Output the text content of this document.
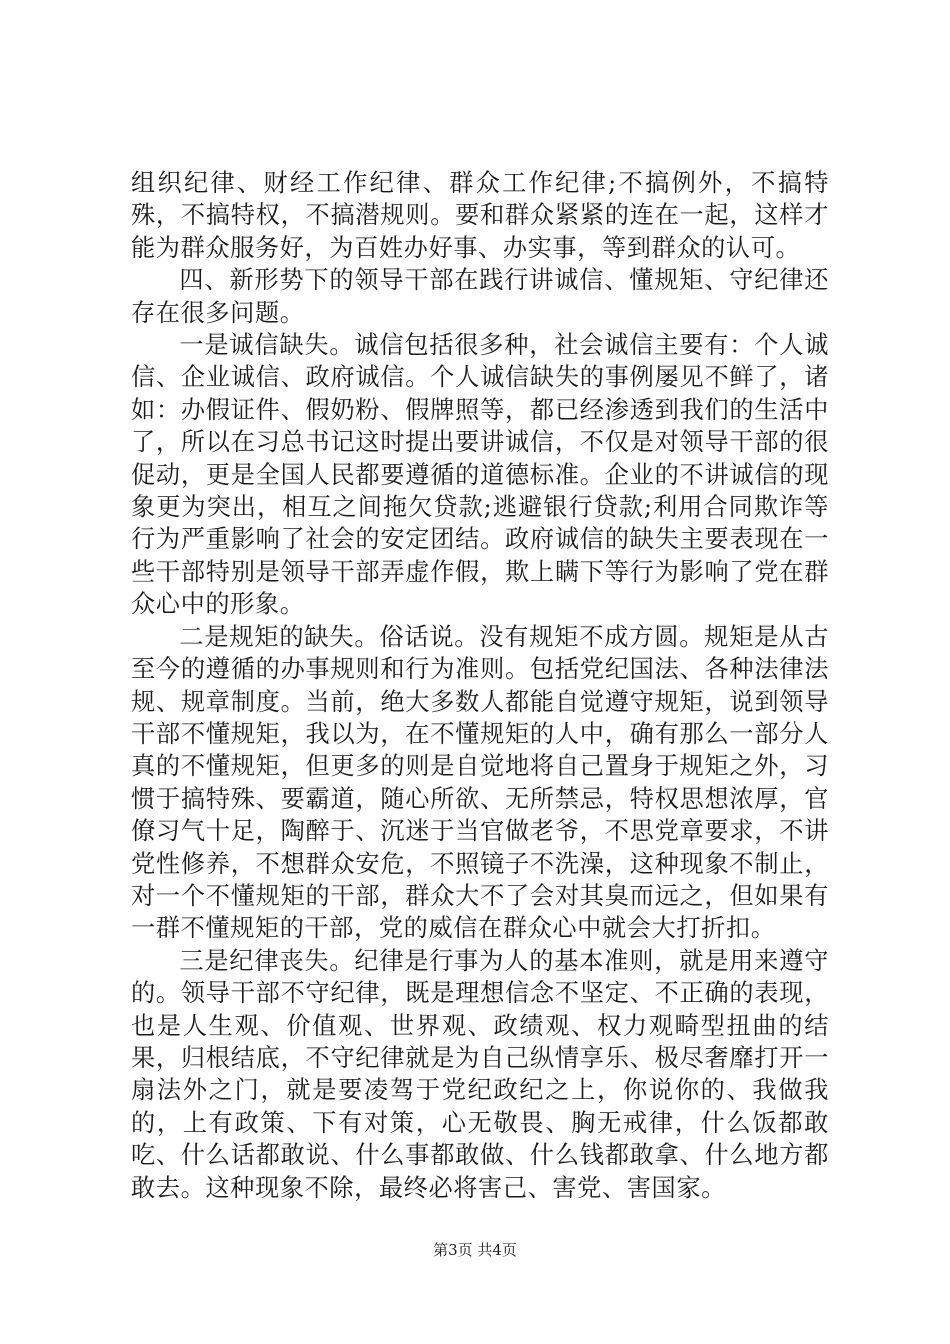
组织纪律、财经工作纪律、群众工作纪律;不搞例外，不搞特殊，不搞特权，不搞潜规则。要和群众紧紧的连在一起，这样才能为群众服务好，为百姓办好事、办实事，等到群众的认可。

四、新形势下的领导干部在践行讲诚信、懂规矩、守纪律还存在很多问题。

一是诚信缺失。诚信包括很多种，社会诚信主要有：个人诚信、企业诚信、政府诚信。个人诚信缺失的事例屡见不鲜了，诸如：办假证件、假奶粉、假牌照等，都已经渗透到我们的生活中了，所以在习总书记这时提出要讲诚信，不仅是对领导干部的很促动，更是全国人民都要遵循的道德标准。企业的不讲诚信的现象更为突出，相互之间拖欠贷款;逃避银行贷款;利用合同欺诈等行为严重影响了社会的安定团结。政府诚信的缺失主要表现在一些干部特别是领导干部弄虚作假，欺上瞒下等行为影响了党在群众心中的形象。

二是规矩的缺失。俗话说。没有规矩不成方圆。规矩是从古至今的遵循的办事规则和行为准则。包括党纪国法、各种法律法规、规章制度。当前，绝大多数人都能自觉遵守规矩，说到领导干部不懂规矩，我以为，在不懂规矩的人中，确有那么一部分人真的不懂规矩，但更多的则是自觉地将自己置身于规矩之外，习惯于搞特殊、要霸道，随心所欲、无所禁忌，特权思想浓厚，官僚习气十足，陶醉于、沉迷于当官做老爷，不思党章要求，不讲党性修养，不想群众安危，不照镜子不洗澡，这种现象不制止，对一个不懂规矩的干部，群众大不了会对其臭而远之，但如果有一群不懂规矩的干部，党的威信在群众心中就会大打折扣。

三是纪律丧失。纪律是行事为人的基本准则，就是用来遵守的。领导干部不守纪律，既是理想信念不坚定、不正确的表现，也是人生观、价值观、世界观、政绩观、权力观畸型扭曲的结果，归根结底，不守纪律就是为自己纵情享乐、极尽奢靡打开一扇法外之门，就是要凌驾于党纪政纪之上，你说你的、我做我的，上有政策、下有对策，心无敬畏、胸无戒律，什么饭都敢吃、什么话都敢说、什么事都敢做、什么钱都敢拿、什么地方都敢去。这种现象不除，最终必将害己、害党、害国家。

第3页 共4页
